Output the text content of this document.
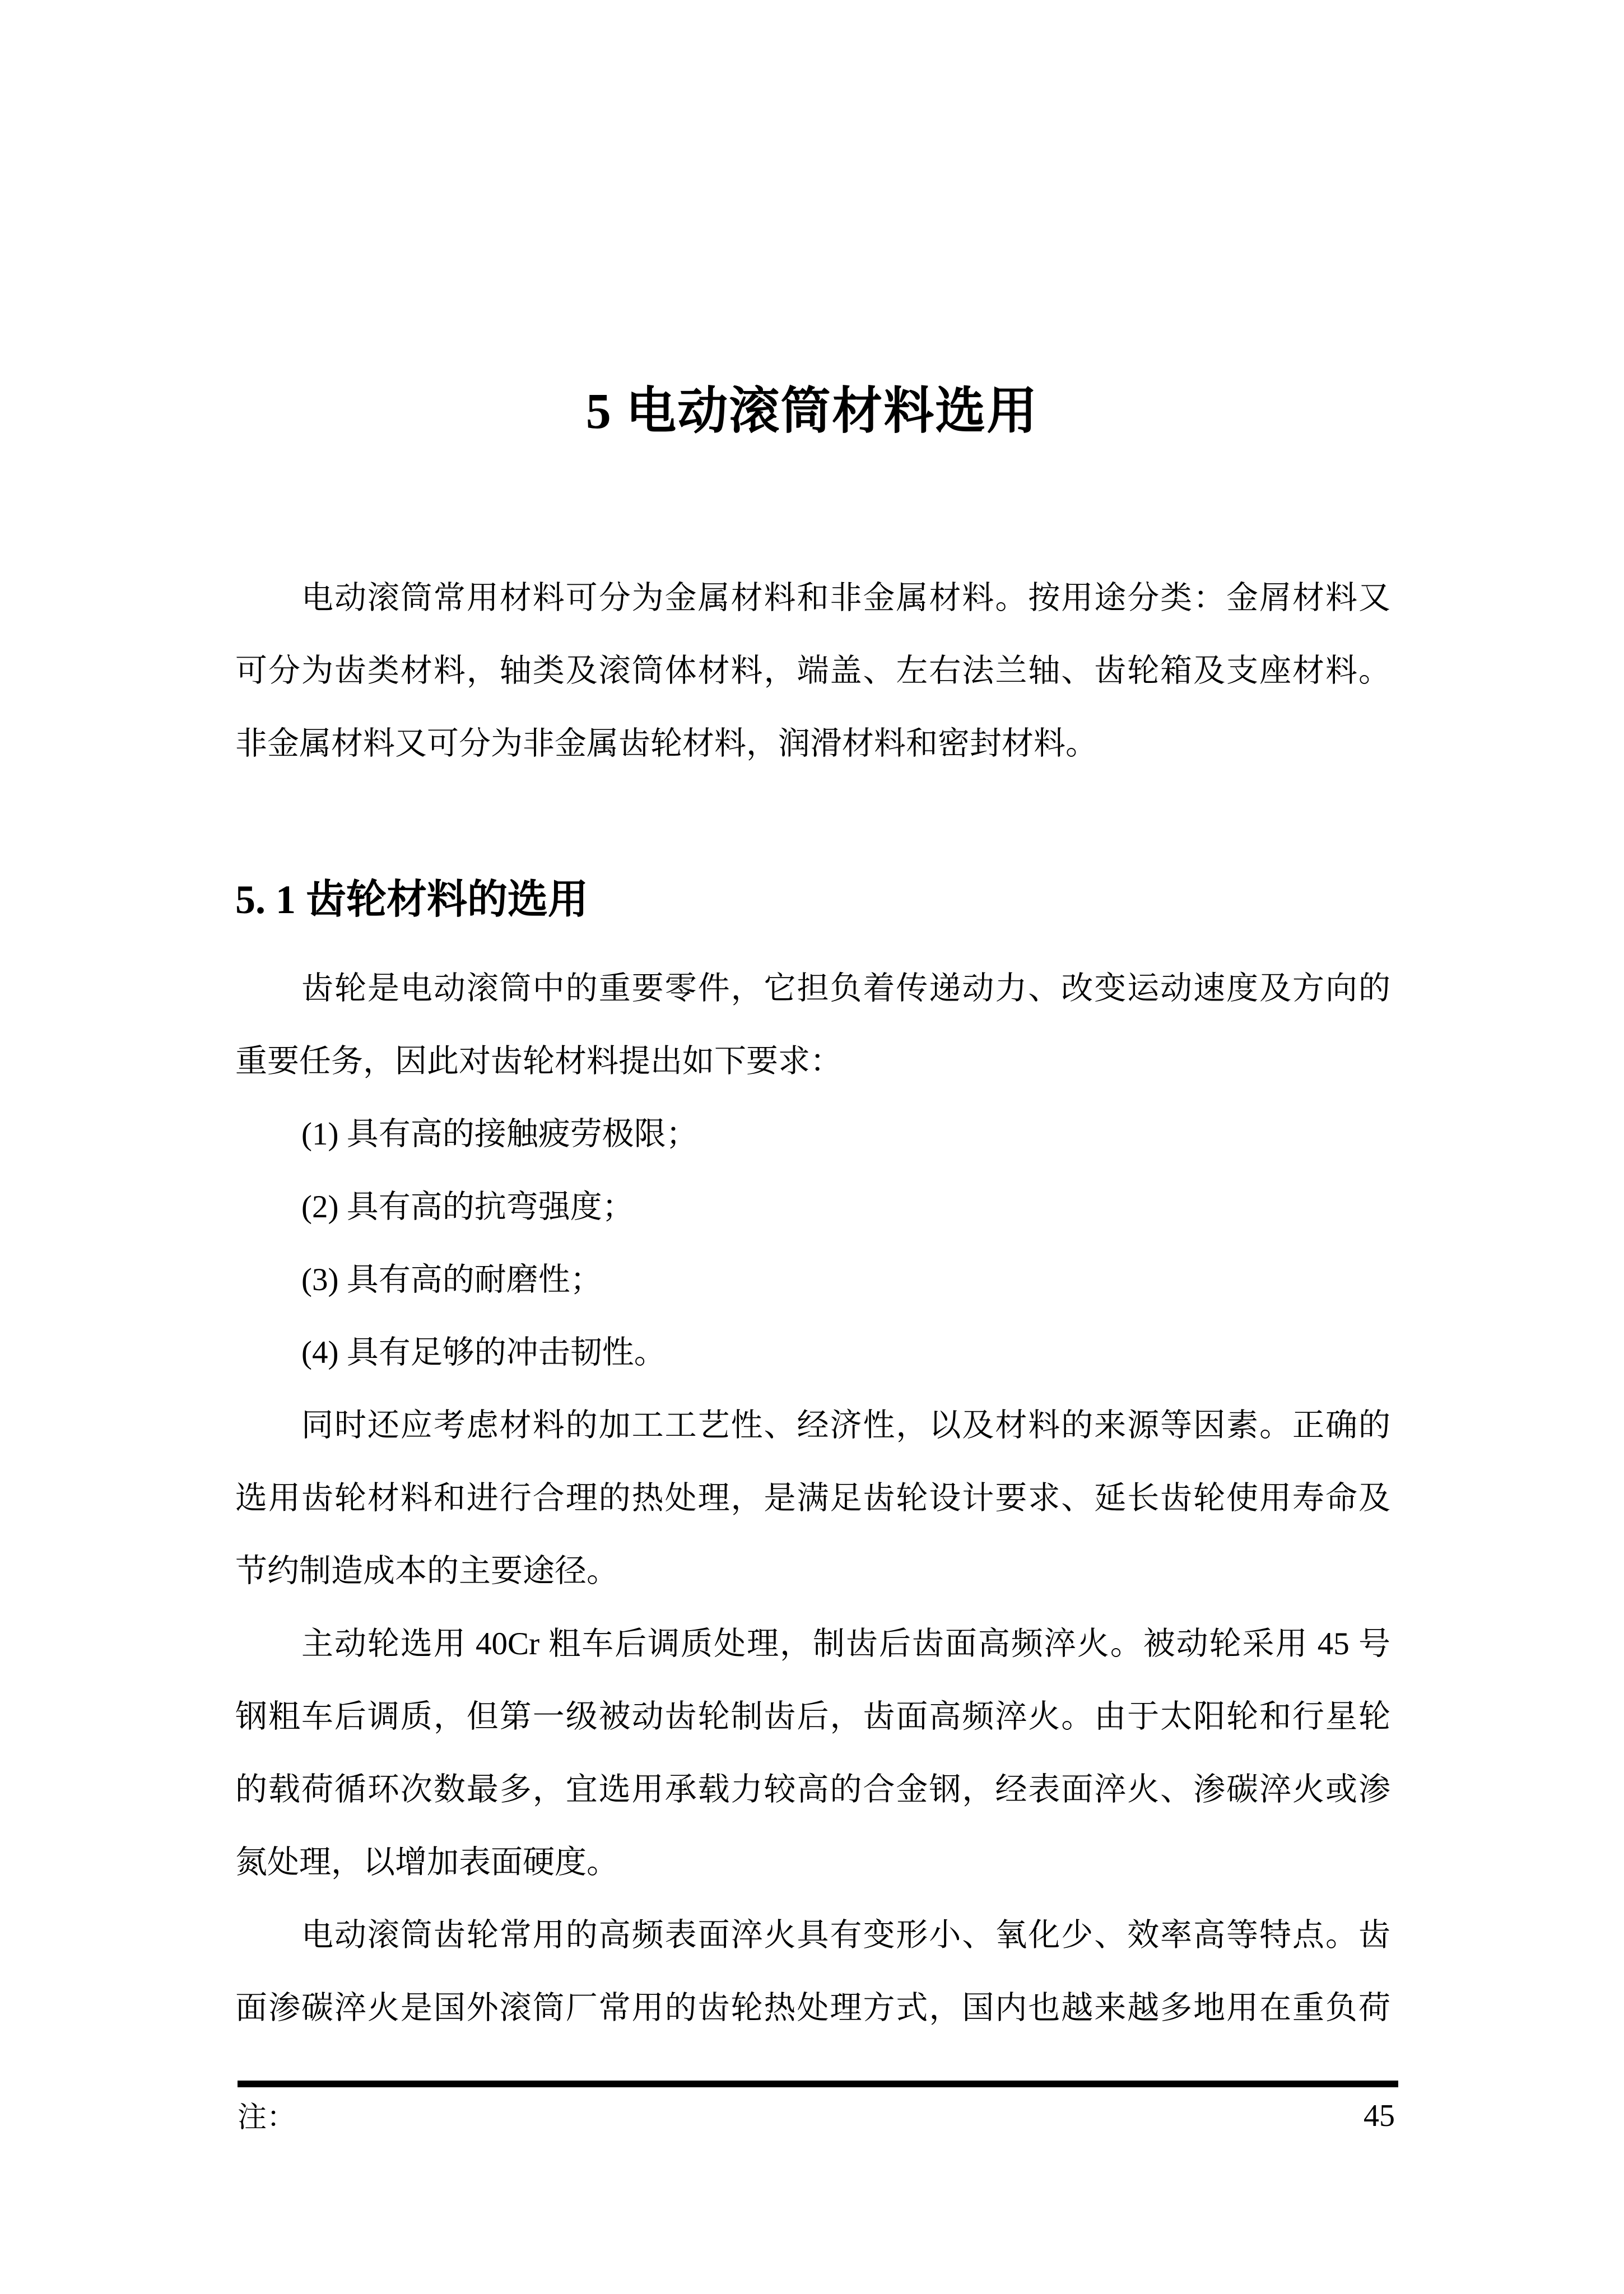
5 电动滚筒材料选用
电动滚筒常用材料可分为金属材料和非金属材料。按用途分类：金屑材料又
可分为齿类材料，轴类及滚筒体材料，端盖、左右法兰轴、齿轮箱及支座材料。
非金属材料又可分为非金属齿轮材料，润滑材料和密封材料。
5. 1 齿轮材料的选用
齿轮是电动滚筒中的重要零件，它担负着传递动力、改变运动速度及方向的
重要任务，因此对齿轮材料提出如下要求：
(1) 具有高的接触疲劳极限；
(2) 具有高的抗弯强度；
(3) 具有高的耐磨性；
(4) 具有足够的冲击韧性。
同时还应考虑材料的加工工艺性、经济性，以及材料的来源等因素。正确的
选用齿轮材料和进行合理的热处理，是满足齿轮设计要求、延长齿轮使用寿命及
节约制造成本的主要途径。
主动轮选用 40Cr 粗车后调质处理，制齿后齿面高频淬火。被动轮采用 45 号
钢粗车后调质，但第一级被动齿轮制齿后，齿面高频淬火。由于太阳轮和行星轮
的载荷循环次数最多，宜选用承载力较高的合金钢，经表面淬火、渗碳淬火或渗
氮处理，以增加表面硬度。
电动滚筒齿轮常用的高频表面淬火具有变形小、氧化少、效率高等特点。齿
面渗碳淬火是国外滚筒厂常用的齿轮热处理方式，国内也越来越多地用在重负荷
注：	45
